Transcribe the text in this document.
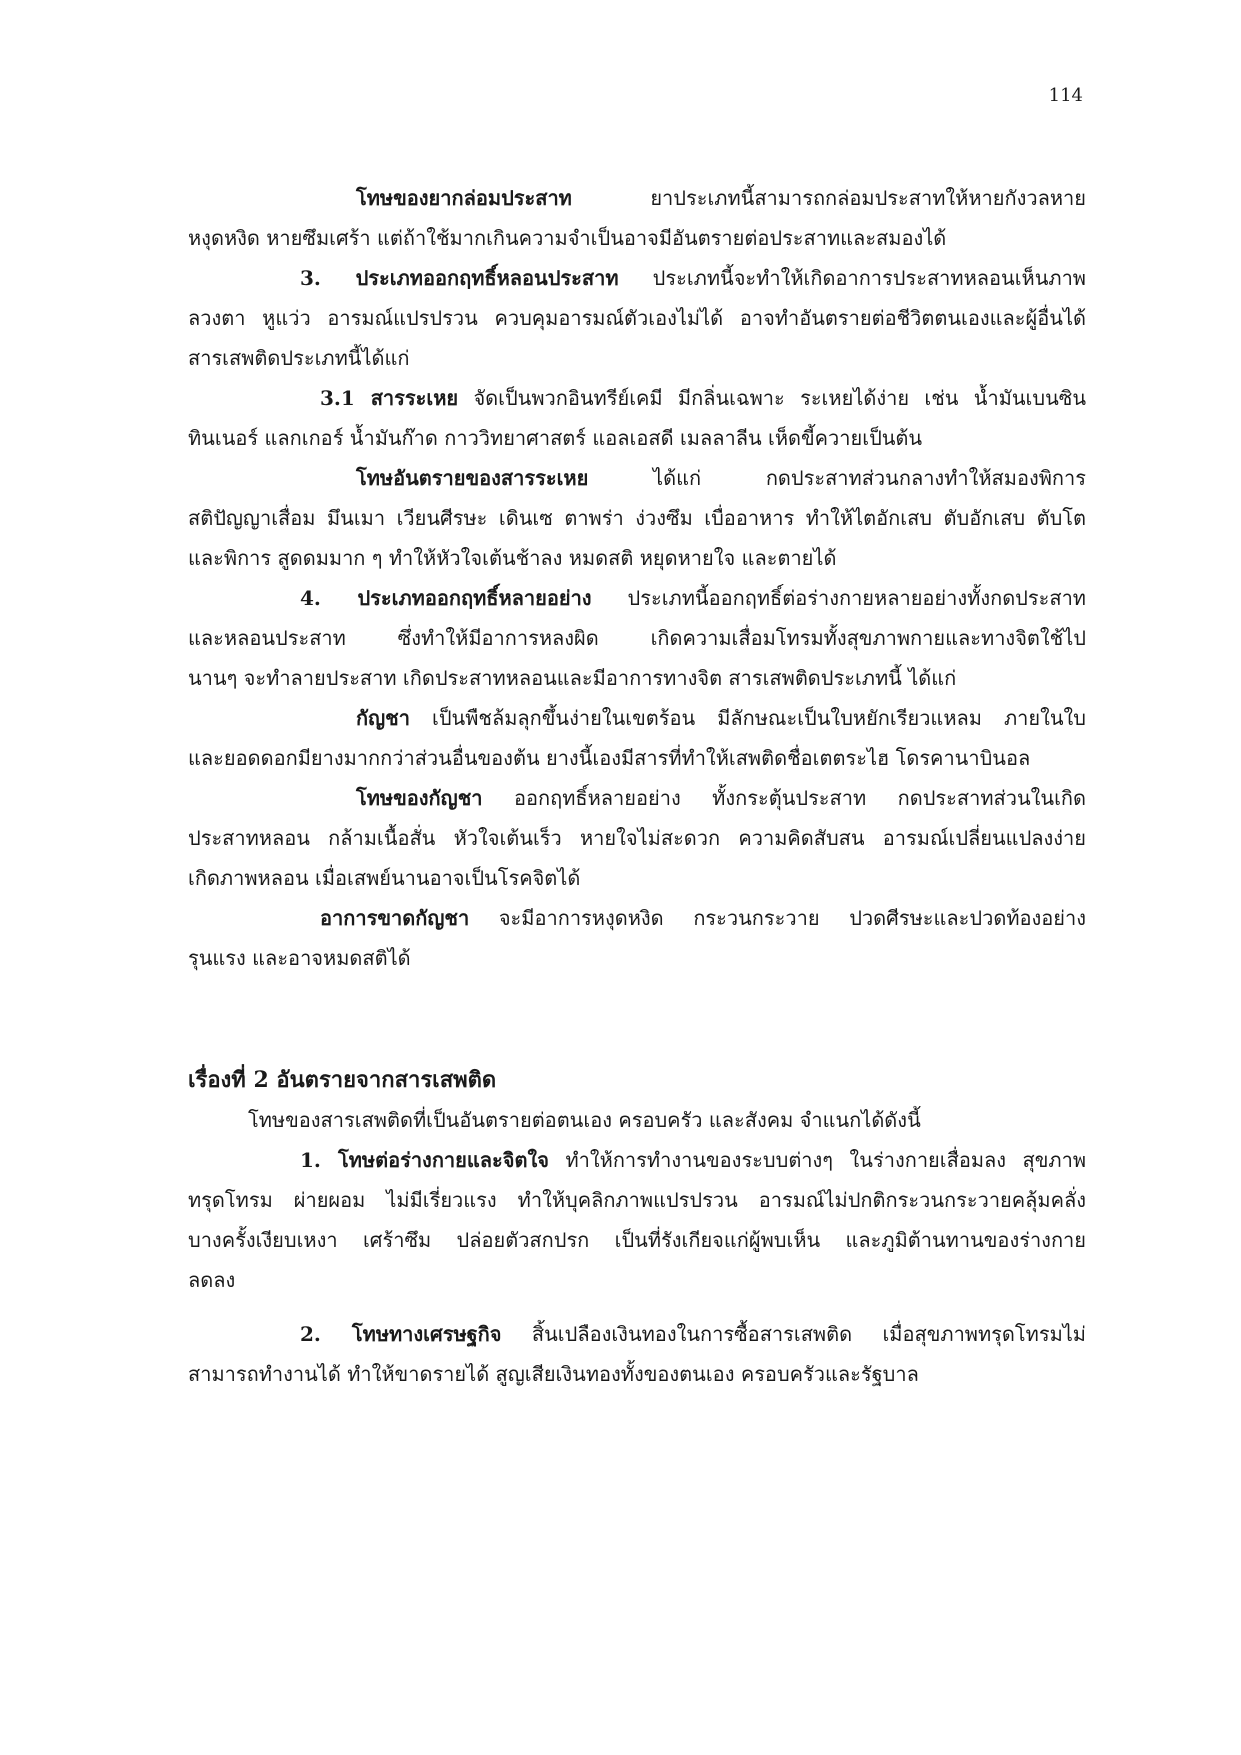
114
โทษของยากล่อมประสาท ยาประเภทนี้สามารถกล่อมประสาทให้หายกังวลหาย
หงุดหงิด หายซึมเศร้า แต่ถ้าใช้มากเกินความจำเป็นอาจมีอันตรายต่อประสาทและสมองได้
3. ประเภทออกฤทธิ์หลอนประสาท ประเภทนี้จะทำให้เกิดอาการประสาทหลอนเห็นภาพ
ลวงตา หูแว่ว อารมณ์แปรปรวน ควบคุมอารมณ์ตัวเองไม่ได้ อาจทำอันตรายต่อชีวิตตนเองและผู้อื่นได้
สารเสพติดประเภทนี้ได้แก่
3.1 สารระเหย จัดเป็นพวกอินทรีย์เคมี มีกลิ่นเฉพาะ ระเหยได้ง่าย เช่น น้ำมันเบนซิน
ทินเนอร์ แลกเกอร์ น้ำมันก๊าด กาววิทยาศาสตร์ แอลเอสดี เมลลาลีน เห็ดขี้ควายเป็นต้น
โทษอันตรายของสารระเหย ได้แก่ กดประสาทส่วนกลางทำให้สมองพิการ
สติปัญญาเสื่อม มึนเมา เวียนศีรษะ เดินเซ ตาพร่า ง่วงซึม เบื่ออาหาร ทำให้ไตอักเสบ ตับอักเสบ ตับโต
และพิการ สูดดมมาก ๆ ทำให้หัวใจเต้นช้าลง หมดสติ หยุดหายใจ และตายได้
4. ประเภทออกฤทธิ์หลายอย่าง ประเภทนี้ออกฤทธิ์ต่อร่างกายหลายอย่างทั้งกดประสาท
และหลอนประสาท ซึ่งทำให้มีอาการหลงผิด เกิดความเสื่อมโทรมทั้งสุขภาพกายและทางจิตใช้ไป
นานๆ จะทำลายประสาท เกิดประสาทหลอนและมีอาการทางจิต สารเสพติดประเภทนี้ ได้แก่
กัญชา เป็นพืชล้มลุกขึ้นง่ายในเขตร้อน มีลักษณะเป็นใบหยักเรียวแหลม ภายในใบ
และยอดดอกมียางมากกว่าส่วนอื่นของต้น ยางนี้เองมีสารที่ทำให้เสพติดชื่อเตตระไฮ โดรคานาบินอล
โทษของกัญชา ออกฤทธิ์หลายอย่าง ทั้งกระตุ้นประสาท กดประสาทส่วนในเกิด
ประสาทหลอน กล้ามเนื้อสั่น หัวใจเต้นเร็ว หายใจไม่สะดวก ความคิดสับสน อารมณ์เปลี่ยนแปลงง่าย
เกิดภาพหลอน เมื่อเสพย์นานอาจเป็นโรคจิตได้
อาการขาดกัญชา จะมีอาการหงุดหงิด กระวนกระวาย ปวดศีรษะและปวดท้องอย่าง
รุนแรง และอาจหมดสติได้
เรื่องที่ 2 อันตรายจากสารเสพติด
โทษของสารเสพติดที่เป็นอันตรายต่อตนเอง ครอบครัว และสังคม จำแนกได้ดังนี้
1. โทษต่อร่างกายและจิตใจ ทำให้การทำงานของระบบต่างๆ ในร่างกายเสื่อมลง สุขภาพ
ทรุดโทรม ผ่ายผอม ไม่มีเรี่ยวแรง ทำให้บุคลิกภาพแปรปรวน อารมณ์ไม่ปกติกระวนกระวายคลุ้มคลั่ง
บางครั้งเงียบเหงา เศร้าซึม ปล่อยตัวสกปรก เป็นที่รังเกียจแก่ผู้พบเห็น และภูมิต้านทานของร่างกาย
ลดลง
2. โทษทางเศรษฐกิจ สิ้นเปลืองเงินทองในการซื้อสารเสพติด เมื่อสุขภาพทรุดโทรมไม่
สามารถทำงานได้ ทำให้ขาดรายได้ สูญเสียเงินทองทั้งของตนเอง ครอบครัวและรัฐบาล
